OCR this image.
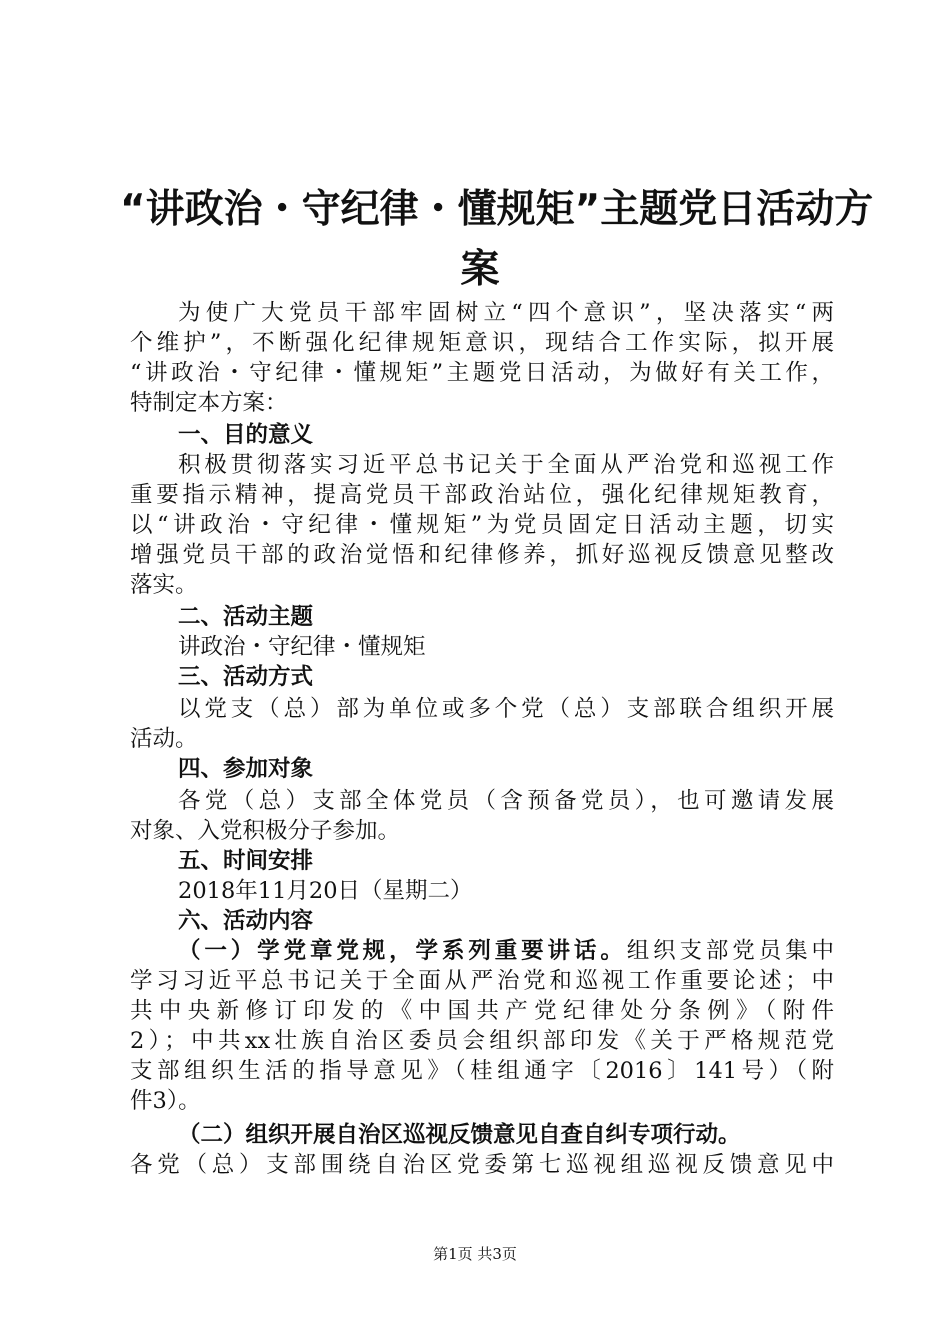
“讲政治・守纪律・懂规矩”主题党日活动方
案
为使广大党员干部牢固树立“四个意识”，坚决落实“两
个维护”，不断强化纪律规矩意识，现结合工作实际，拟开展
“讲政治・守纪律・懂规矩”主题党日活动，为做好有关工作，
特制定本方案：
一、目的意义
积极贯彻落实习近平总书记关于全面从严治党和巡视工作
重要指示精神，提高党员干部政治站位，强化纪律规矩教育，
以“讲政治・守纪律・懂规矩”为党员固定日活动主题，切实
增强党员干部的政治觉悟和纪律修养，抓好巡视反馈意见整改
落实。
二、活动主题
讲政治・守纪律・懂规矩
三、活动方式
以党支（总）部为单位或多个党（总）支部联合组织开展
活动。
四、参加对象
各党（总）支部全体党员（含预备党员），也可邀请发展
对象、入党积极分子参加。
五、时间安排
2018年11月20日（星期二）
六、活动内容
（一）学党章党规，学系列重要讲话。组织支部党员集中
学习习近平总书记关于全面从严治党和巡视工作重要论述；中
共中央新修订印发的《中国共产党纪律处分条例》（附件
2）；中共xx壮族自治区委员会组织部印发《关于严格规范党
支部组织生活的指导意见》（桂组通字〔2016〕141号）（附
件3）。
（二）组织开展自治区巡视反馈意见自查自纠专项行动。
各党（总）支部围绕自治区党委第七巡视组巡视反馈意见中
第1页 共3页
